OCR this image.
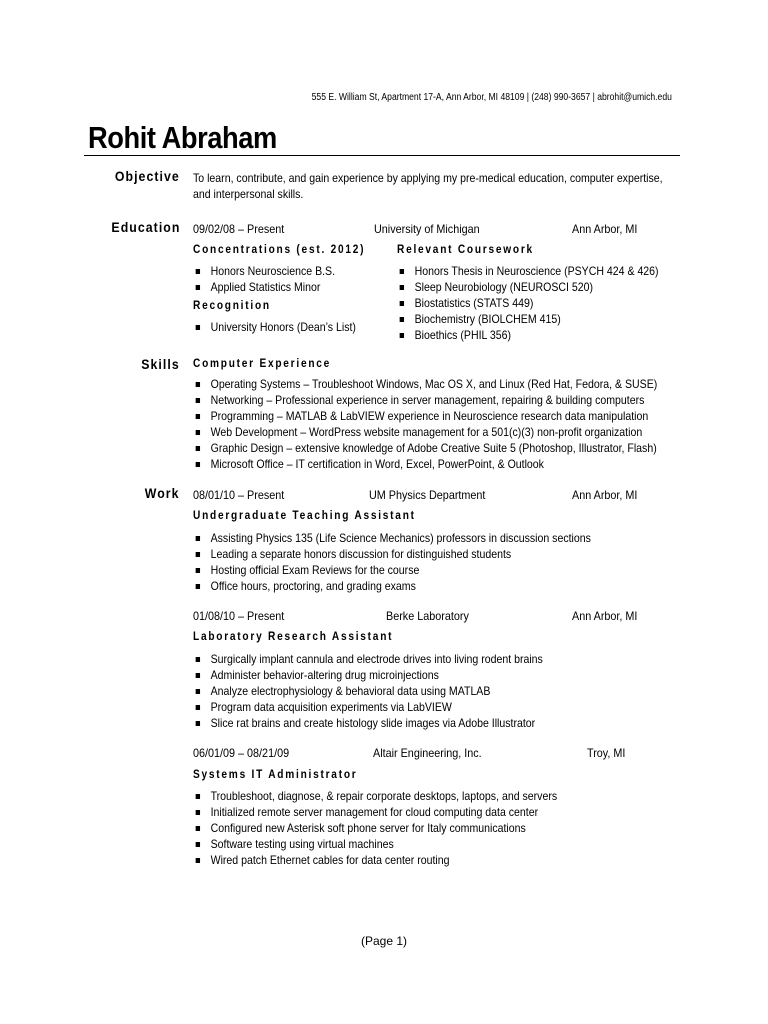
555 E. William St, Apartment 17-A, Ann Arbor, MI 48109 | (248) 990-3657 | abrohit@umich.edu
Rohit Abraham
Objective To learn, contribute, and gain experience by applying my pre-medical education, computer expertise, and interpersonal skills.
Education 09/02/08 – Present	University of Michigan	Ann Arbor, MI
Concentrations (est. 2012)
Honors Neuroscience B.S.
Applied Statistics Minor
Recognition
University Honors (Dean’s List)
Relevant Coursework
Honors Thesis in Neuroscience (PSYCH 424 & 426)
Sleep Neurobiology (NEUROSCI 520)
Biostatistics (STATS 449)
Biochemistry (BIOLCHEM 415)
Bioethics (PHIL 356)
Skills Computer Experience
Operating Systems – Troubleshoot Windows, Mac OS X, and Linux (Red Hat, Fedora, & SUSE)
Networking – Professional experience in server management, repairing & building computers
Programming – MATLAB & LabVIEW experience in Neuroscience research data manipulation
Web Development – WordPress website management for a 501(c)(3) non-profit organization
Graphic Design – extensive knowledge of Adobe Creative Suite 5 (Photoshop, Illustrator, Flash)
Microsoft Office – IT certification in Word, Excel, PowerPoint, & Outlook
Work 08/01/10 – Present	UM Physics Department	Ann Arbor, MI
Undergraduate Teaching Assistant
Assisting Physics 135 (Life Science Mechanics) professors in discussion sections
Leading a separate honors discussion for distinguished students
Hosting official Exam Reviews for the course
Office hours, proctoring, and grading exams
01/08/10 – Present	Berke Laboratory	Ann Arbor, MI
Laboratory Research Assistant
Surgically implant cannula and electrode drives into living rodent brains
Administer behavior-altering drug microinjections
Analyze electrophysiology & behavioral data using MATLAB
Program data acquisition experiments via LabVIEW
Slice rat brains and create histology slide images via Adobe Illustrator
06/01/09 – 08/21/09	Altair Engineering, Inc.	Troy, MI
Systems IT Administrator
Troubleshoot, diagnose, & repair corporate desktops, laptops, and servers
Initialized remote server management for cloud computing data center
Configured new Asterisk soft phone server for Italy communications
Software testing using virtual machines
Wired patch Ethernet cables for data center routing
(Page 1)
